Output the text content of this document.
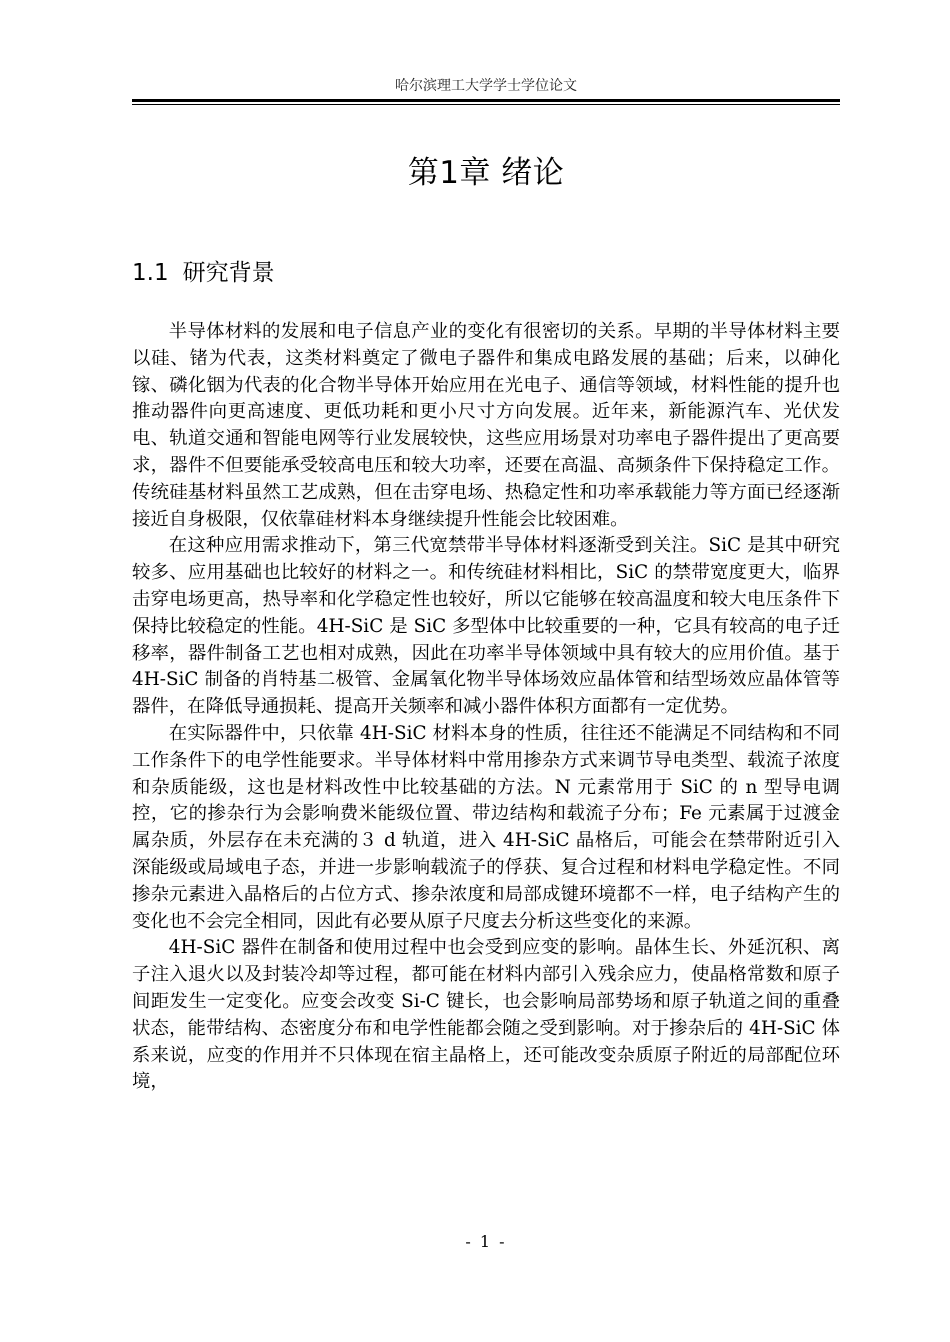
哈尔滨理工大学学士学位论文
第1章 绪论
1.1 研究背景

半导体材料的发展和电子信息产业的变化有很密切的关系。早期的半导体材料主要以硅、锗为代表，这类材料奠定了微电子器件和集成电路发展的基础；后来，以砷化镓、磷化铟为代表的化合物半导体开始应用在光电子、通信等领域，材料性能的提升也推动器件向更高速度、更低功耗和更小尺寸方向发展。近年来，新能源汽车、光伏发电、轨道交通和智能电网等行业发展较快，这些应用场景对功率电子器件提出了更高要求，器件不但要能承受较高电压和较大功率，还要在高温、高频条件下保持稳定工作。传统硅基材料虽然工艺成熟，但在击穿电场、热稳定性和功率承载能力等方面已经逐渐接近自身极限，仅依靠硅材料本身继续提升性能会比较困难。

在这种应用需求推动下，第三代宽禁带半导体材料逐渐受到关注。SiC 是其中研究较多、应用基础也比较好的材料之一。和传统硅材料相比，SiC 的禁带宽度更大，临界击穿电场更高，热导率和化学稳定性也较好，所以它能够在较高温度和较大电压条件下保持比较稳定的性能。4H-SiC 是 SiC 多型体中比较重要的一种，它具有较高的电子迁移率，器件制备工艺也相对成熟，因此在功率半导体领域中具有较大的应用价值。基于 4H-SiC 制备的肖特基二极管、金属氧化物半导体场效应晶体管和结型场效应晶体管等器件，在降低导通损耗、提高开关频率和减小器件体积方面都有一定优势。

在实际器件中，只依靠 4H-SiC 材料本身的性质，往往还不能满足不同结构和不同工作条件下的电学性能要求。半导体材料中常用掺杂方式来调节导电类型、载流子浓度和杂质能级，这也是材料改性中比较基础的方法。N 元素常用于 SiC 的 n 型导电调控，它的掺杂行为会影响费米能级位置、带边结构和载流子分布；Fe 元素属于过渡金属杂质，外层存在未充满的３ d 轨道，进入 4H-SiC 晶格后，可能会在禁带附近引入深能级或局域电子态，并进一步影响载流子的俘获、复合过程和材料电学稳定性。不同掺杂元素进入晶格后的占位方式、掺杂浓度和局部成键环境都不一样，电子结构产生的变化也不会完全相同，因此有必要从原子尺度去分析这些变化的来源。

4H-SiC 器件在制备和使用过程中也会受到应变的影响。晶体生长、外延沉积、离子注入退火以及封装冷却等过程，都可能在材料内部引入残余应力，使晶格常数和原子间距发生一定变化。应变会改变 Si-C 键长，也会影响局部势场和原子轨道之间的重叠状态，能带结构、态密度分布和电学性能都会随之受到影响。对于掺杂后的 4H-SiC 体系来说，应变的作用并不只体现在宿主晶格上，还可能改变杂质原子附近的局部配位环境，

- 1 -
